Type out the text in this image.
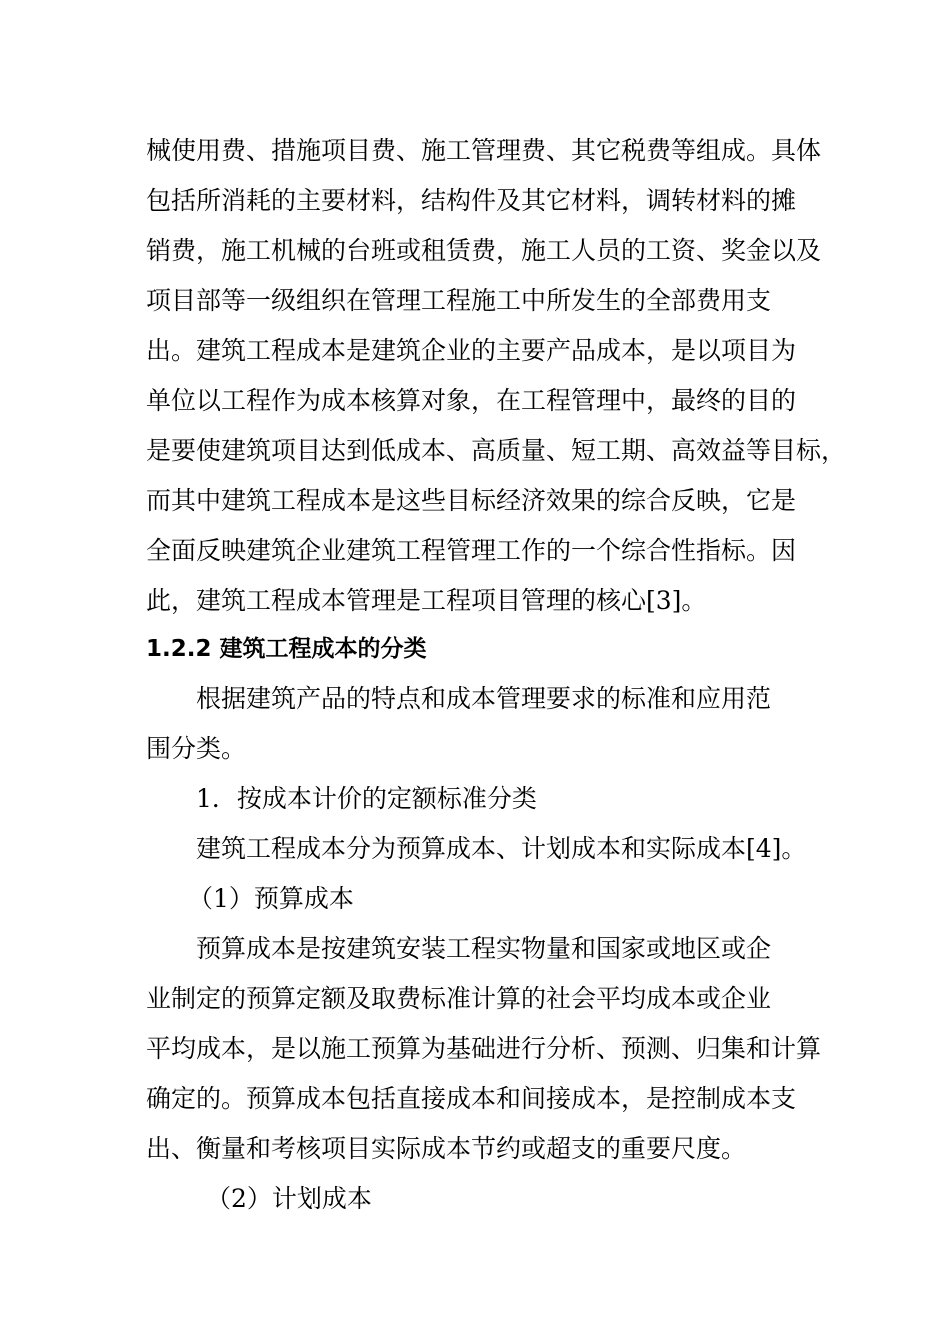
械使用费、措施项目费、施工管理费、其它税费等组成。具体
包括所消耗的主要材料，结构件及其它材料，调转材料的摊
销费，施工机械的台班或租赁费，施工人员的工资、奖金以及
项目部等一级组织在管理工程施工中所发生的全部费用支
出。建筑工程成本是建筑企业的主要产品成本，是以项目为
单位以工程作为成本核算对象，在工程管理中，最终的目的
是要使建筑项目达到低成本、高质量、短工期、高效益等目标，
而其中建筑工程成本是这些目标经济效果的综合反映，它是
全面反映建筑企业建筑工程管理工作的一个综合性指标。因
此，建筑工程成本管理是工程项目管理的核心[3]。
1.2.2 建筑工程成本的分类
根据建筑产品的特点和成本管理要求的标准和应用范
围分类。
1．按成本计价的定额标准分类
建筑工程成本分为预算成本、计划成本和实际成本[4]。
（1）预算成本
预算成本是按建筑安装工程实物量和国家或地区或企
业制定的预算定额及取费标准计算的社会平均成本或企业
平均成本，是以施工预算为基础进行分析、预测、归集和计算
确定的。预算成本包括直接成本和间接成本，是控制成本支
出、衡量和考核项目实际成本节约或超支的重要尺度。
（2）计划成本
